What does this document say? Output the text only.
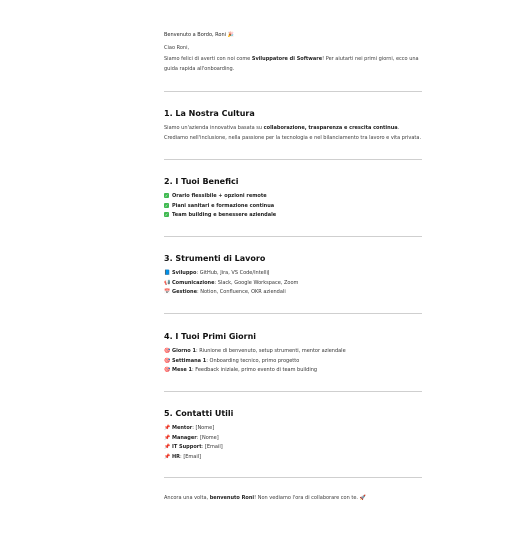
Benvenuto a Bordo, Roni 🎉

Ciao Roni,

Siamo felici di averti con noi come Sviluppatore di Software! Per aiutarti nei primi giorni, ecco una guida rapida all'onboarding.

1. La Nostra Cultura

Siamo un'azienda innovativa basata su collaborazione, trasparenza e crescita continua. Crediamo nell'inclusione, nella passione per la tecnologia e nel bilanciamento tra lavoro e vita privata.

2. I Tuoi Benefici
✓ Orario flessibile + opzioni remote
✓ Piani sanitari e formazione continua
✓ Team building e benessere aziendale
3. Strumenti di Lavoro
📘 Sviluppo: GitHub, Jira, VS Code/IntelliJ
📢 Comunicazione: Slack, Google Workspace, Zoom
📅 Gestione: Notion, Confluence, OKR aziendali
4. I Tuoi Primi Giorni
🎯 Giorno 1: Riunione di benvenuto, setup strumenti, mentor aziendale
🎯 Settimana 1: Onboarding tecnico, primo progetto
🎯 Mese 1: Feedback iniziale, primo evento di team building
5. Contatti Utili
📌 Mentor: [Nome]
📌 Manager: [Nome]
📌 IT Support: [Email]
📌 HR: [Email]

Ancora una volta, benvenuto Roni! Non vediamo l'ora di collaborare con te. 🚀
